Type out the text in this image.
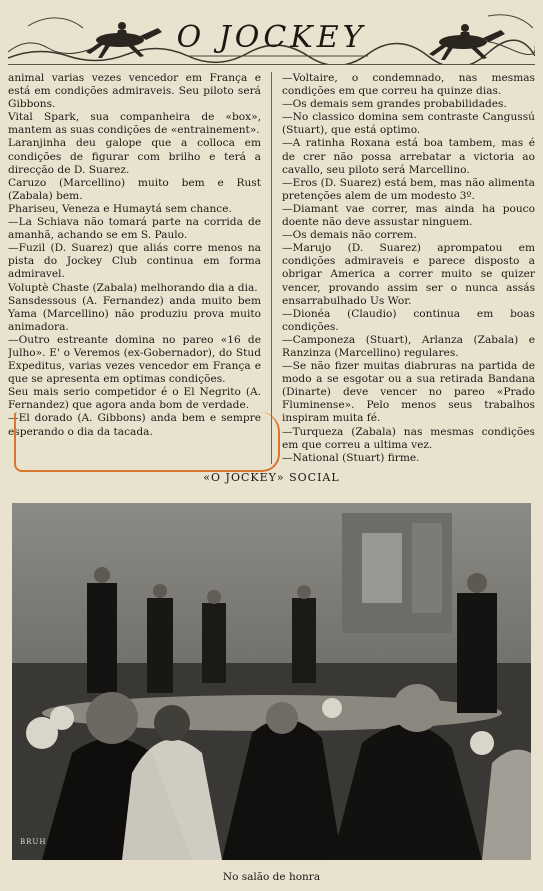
O JOCKEY

animal varias vezes vencedor em França e está em condições admiraveis. Seu piloto será Gibbons.

Vital Spark, sua companheira de «box», mantem as suas condições de «entrainement».

Laranjinha deu galope que a colloca em condições de figurar com brilho e terá a direcção de D. Suarez.

Caruzo (Marcellino) muito bem e Rust (Zabala) bem.

Phariseu, Veneza e Humaytá sem chance.

—La Schiava não tomará parte na corrida de amanhã, achando se em S. Paulo.

—Fuzil (D. Suarez) que aliás corre menos na pista do Jockey Club continua em forma admiravel.

Voluptè Chaste (Zabala) melhorando dia a dia.

Sansdessous (A. Fernandez) anda muito bem Yama (Marcellino) não produziu prova muito animadora.

—Outro estreante domina no pareo «16 de Julho». E' o Veremos (ex-Gobernador), do Stud Expeditus, varias vezes vencedor em França e que se apresenta em optimas condições.

Seu mais serio competidor é o El Negrito (A. Fernandez) que agora anda bom de verdade.

—El dorado (A. Gibbons) anda bem e sempre esperando o dia da tacada.

—Voltaire, o condemnado, nas mesmas condições em que correu ha quinze dias.

—Os demais sem grandes probabilidades.

—No classico domina sem contraste Cangussú (Stuart), que está optimo.

—A ratinha Roxana está boa tambem, mas é de crer não possa arrebatar a victoria ao cavallo, seu piloto será Marcellino.

—Eros (D. Suarez) está bem, mas não alimenta pretenções alem de um modesto 3º.

—Diamant vae correr, mas ainda ha pouco doente não deve assustar ninguem.

—Os demais não correm.

—Marujo (D. Suarez) aprompatou em condições admiraveis e parece disposto a obrigar America a correr muito se quizer vencer, provando assim ser o nunca assás ensarrabulhado Us Wor.

—Dionéa (Claudio) continua em boas condições.

—Camponeza (Stuart), Arlanza (Zabala) e Ranzinza (Marcellino) regulares.

—Se não fizer muitas diabruras na partida de modo a se esgotar ou a sua retirada Bandana (Dinarte) deve vencer no pareo «Prado Fluminense». Pelo menos seus trabalhos inspiram muita fé.

—Turqueza (Zabala) nas mesmas condições em que correu a ultima vez.

—National (Stuart) firme.

«O JOCKEY» SOCIAL
BRUH
No salão de honra
